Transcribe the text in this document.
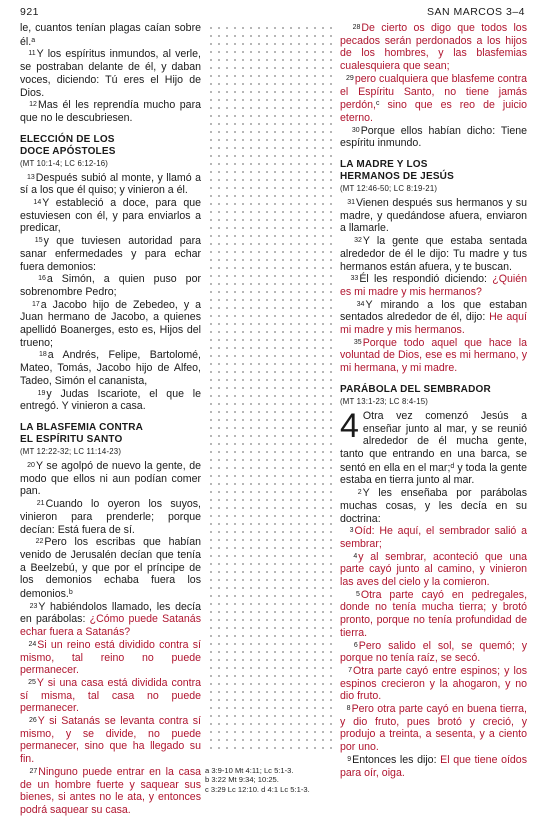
921	SAN MARCOS 3–4

le, cuantos tenían plagas caían sobre él.$^a$

11Y los espíritus inmundos, al verle, se postraban delante de él, y daban voces, diciendo: Tú eres el Hijo de Dios.

12Mas él les reprendía mucho para que no le descubriesen.

ELECCIÓN DE LOS
DOCE APÓSTOLES
(MT 10:1-4; LC 6:12-16)

13Después subió al monte, y llamó a sí a los que él quiso; y vinieron a él.

14Y estableció a doce, para que estuviesen con él, y para enviarlos a predicar,

15y que tuviesen autoridad para sanar enfermedades y para echar fuera demonios:

16a Simón, a quien puso por sobrenombre Pedro;

17a Jacobo hijo de Zebedeo, y a Juan hermano de Jacobo, a quienes apellidó Boanerges, esto es, Hijos del trueno;

18a Andrés, Felipe, Bartolomé, Mateo, Tomás, Jacobo hijo de Alfeo, Tadeo, Simón el cananista,

19y Judas Iscariote, el que le entregó. Y vinieron a casa.

LA BLASFEMIA CONTRA
EL ESPÍRITU SANTO
(MT 12:22-32; LC 11:14-23)

20Y se agolpó de nuevo la gente, de modo que ellos ni aun podían comer pan.

21Cuando lo oyeron los suyos, vinieron para prenderle; porque decían: Está fuera de sí.

22Pero los escribas que habían venido de Jerusalén decían que tenía a Beelzebú, y que por el príncipe de los demonios echaba fuera los demonios.$^b$

23Y habiéndolos llamado, les decía en parábolas: ¿Cómo puede Satanás echar fuera a Satanás?

24Si un reino está dividido contra sí mismo, tal reino no puede permanecer.

25Y si una casa está dividida contra sí misma, tal casa no puede permanecer.

26Y si Satanás se levanta contra sí mismo, y se divide, no puede permanecer, sino que ha llegado su fin.

27Ninguno puede entrar en la casa de un hombre fuerte y saquear sus bienes, si antes no le ata, y entonces podrá saquear su casa.

a 3:9-10 Mt 4:11; Lc 5:1-3.
b 3:22 Mt 9:34; 10:25.
c 3:29 Lc 12:10. d 4:1 Lc 5:1-3.

28De cierto os digo que todos los pecados serán perdonados a los hijos de los hombres, y las blasfemias cualesquiera que sean;

29pero cualquiera que blasfeme contra el Espíritu Santo, no tiene jamás perdón,$^c$ sino que es reo de juicio eterno.

30Porque ellos habían dicho: Tiene espíritu inmundo.

LA MADRE Y LOS
HERMANOS DE JESÚS
(MT 12:46-50; LC 8:19-21)

31Vienen después sus hermanos y su madre, y quedándose afuera, enviaron a llamarle.

32Y la gente que estaba sentada alrededor de él le dijo: Tu madre y tus hermanos están afuera, y te buscan.

33Él les respondió diciendo: ¿Quién es mi madre y mis hermanos?

34Y mirando a los que estaban sentados alrededor de él, dijo: He aquí mi madre y mis hermanos.

35Porque todo aquel que hace la voluntad de Dios, ese es mi hermano, y mi hermana, y mi madre.

PARÁBOLA DEL SEMBRADOR
(MT 13:1-23; LC 8:4-15)

4 Otra vez comenzó Jesús a enseñar junto al mar, y se reunió alrededor de él mucha gente, tanto que entrando en una barca, se sentó en ella en el mar;$^d$ y toda la gente estaba en tierra junto al mar.

2Y les enseñaba por parábolas muchas cosas, y les decía en su doctrina:

3Oíd: He aquí, el sembrador salió a sembrar;

4y al sembrar, aconteció que una parte cayó junto al camino, y vinieron las aves del cielo y la comieron.

5Otra parte cayó en pedregales, donde no tenía mucha tierra; y brotó pronto, porque no tenía profundidad de tierra.

6Pero salido el sol, se quemó; y porque no tenía raíz, se secó.

7Otra parte cayó entre espinos; y los espinos crecieron y la ahogaron, y no dio fruto.

8Pero otra parte cayó en buena tierra, y dio fruto, pues brotó y creció, y produjo a treinta, a sesenta, y a ciento por uno.

9Entonces les dijo: El que tiene oídos para oír, oiga.
